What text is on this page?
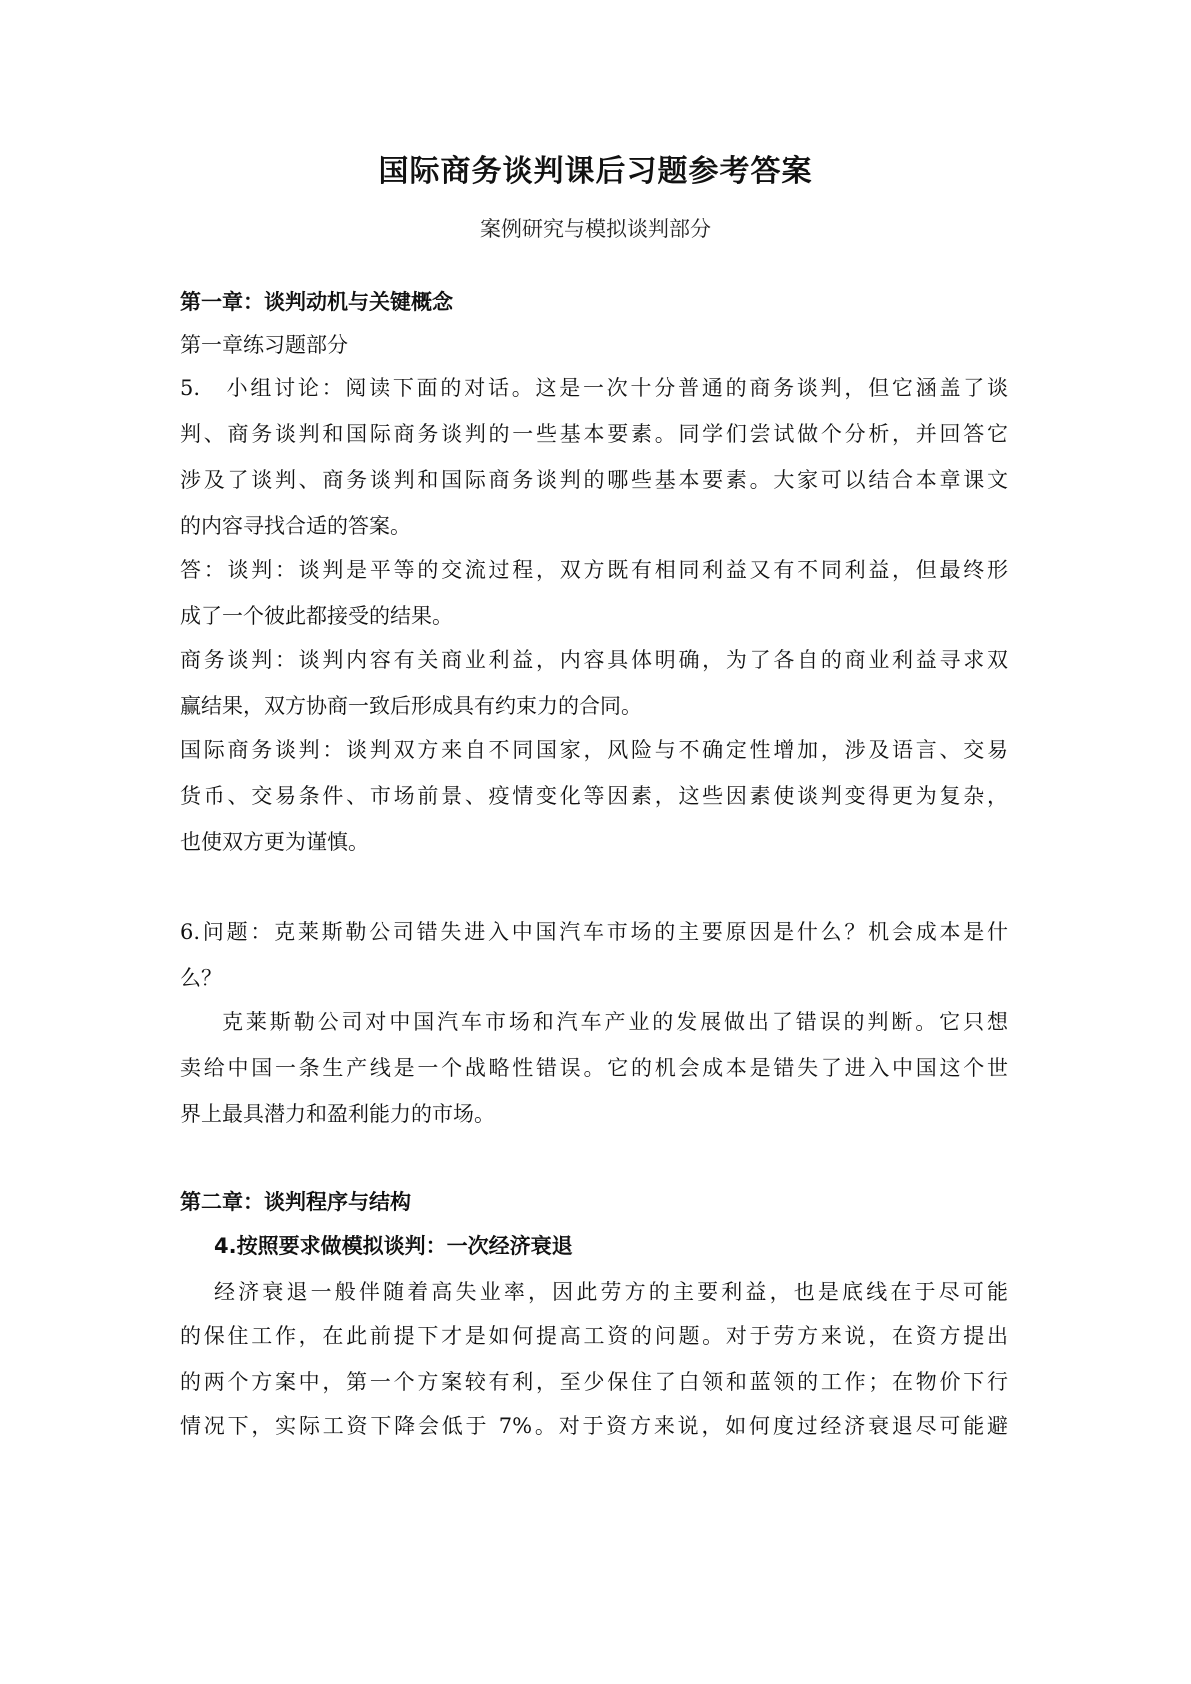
国际商务谈判课后习题参考答案
案例研究与模拟谈判部分
第一章：谈判动机与关键概念
第一章练习题部分
5.　小组讨论：阅读下面的对话。这是一次十分普通的商务谈判，但它涵盖了谈
判、商务谈判和国际商务谈判的一些基本要素。同学们尝试做个分析，并回答它
涉及了谈判、商务谈判和国际商务谈判的哪些基本要素。大家可以结合本章课文
的内容寻找合适的答案。
答：谈判：谈判是平等的交流过程，双方既有相同利益又有不同利益，但最终形
成了一个彼此都接受的结果。
商务谈判：谈判内容有关商业利益，内容具体明确，为了各自的商业利益寻求双
赢结果，双方协商一致后形成具有约束力的合同。
国际商务谈判：谈判双方来自不同国家，风险与不确定性增加，涉及语言、交易
货币、交易条件、市场前景、疫情变化等因素，这些因素使谈判变得更为复杂，
也使双方更为谨慎。
6.问题：克莱斯勒公司错失进入中国汽车市场的主要原因是什么？机会成本是什
么？
克莱斯勒公司对中国汽车市场和汽车产业的发展做出了错误的判断。它只想
卖给中国一条生产线是一个战略性错误。它的机会成本是错失了进入中国这个世
界上最具潜力和盈利能力的市场。
第二章：谈判程序与结构
4.按照要求做模拟谈判：一次经济衰退
经济衰退一般伴随着高失业率，因此劳方的主要利益，也是底线在于尽可能
的保住工作，在此前提下才是如何提高工资的问题。对于劳方来说，在资方提出
的两个方案中，第一个方案较有利，至少保住了白领和蓝领的工作；在物价下行
情况下，实际工资下降会低于 7%。对于资方来说，如何度过经济衰退尽可能避
